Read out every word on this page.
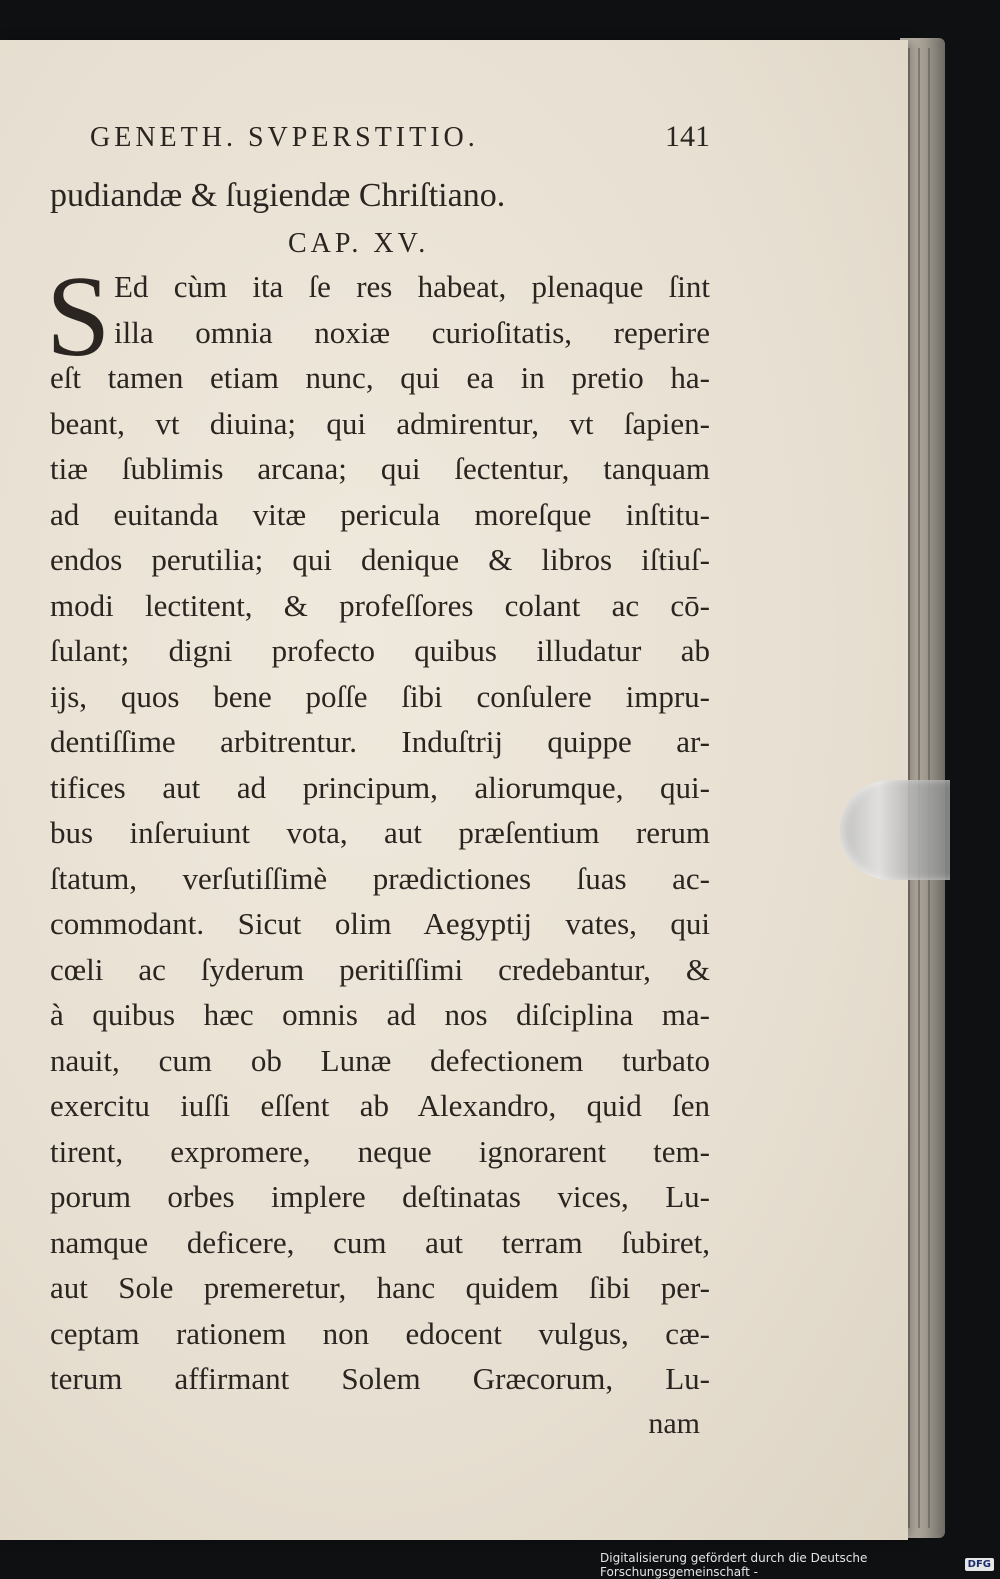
GENETH. SVPERSTITIO.	141
pudiandæ & ſugiendæ Chriſtiano.
CAP. XV.
S Ed cùm ita ſe res habeat, plenaque ſint
illa omnia noxiæ curioſitatis, reperire
eſt tamen etiam nunc, qui ea in pretio ha-
beant, vt diuina; qui admirentur, vt ſapien-
tiæ ſublimis arcana; qui ſectentur, tanquam
ad euitanda vitæ pericula moreſque inſtitu-
endos perutilia; qui denique & libros iſtiuſ-
modi lectitent, & profeſſores colant ac cō-
ſulant; digni profecto quibus illudatur ab
ijs, quos bene poſſe ſibi conſulere impru-
dentiſſime arbitrentur. Induſtrij quippe ar-
tifices aut ad principum, aliorumque, qui-
bus inſeruiunt vota, aut præſentium rerum
ſtatum, verſutiſſimè prædictiones ſuas ac-
commodant. Sicut olim Aegyptij vates, qui
cœli ac ſyderum peritiſſimi credebantur, &
à quibus hæc omnis ad nos diſciplina ma-
nauit, cum ob Lunæ defectionem turbato
exercitu iuſſi eſſent ab Alexandro, quid ſen
tirent, expromere, neque ignorarent tem-
porum orbes implere deſtinatas vices, Lu-
namque deficere, cum aut terram ſubiret,
aut Sole premeretur, hanc quidem ſibi per-
ceptam rationem non edocent vulgus, cæ-
terum affirmant Solem Græcorum, Lu-
nam
Digitalisierung gefördert durch die Deutsche Forschungsgemeinschaft -	DFG
